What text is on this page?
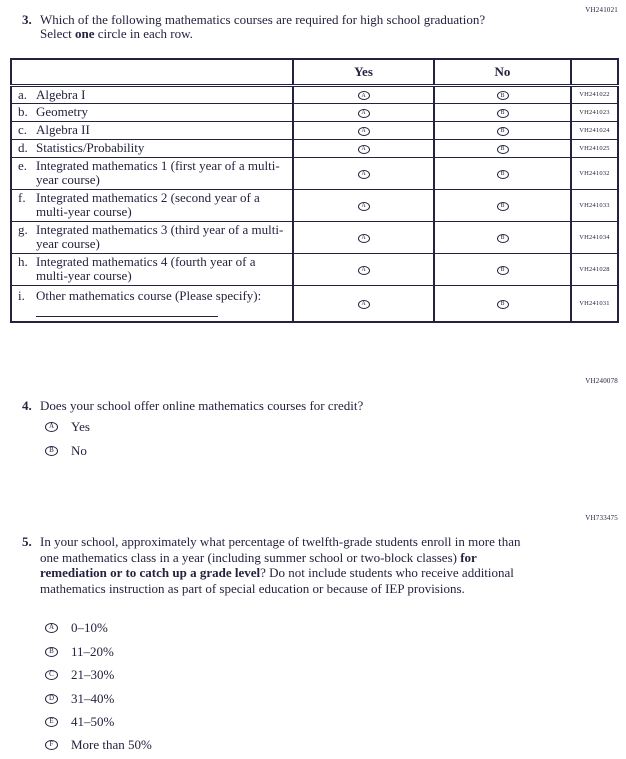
VH241021
3. Which of the following mathematics courses are required for high school graduation? Select one circle in each row.
	Yes	No	

a. Algebra I	A	B	VH241022

b. Geometry	A	B	VH241023

c. Algebra II	A	B	VH241024

d. Statistics/Probability	A	B	VH241025

e. Integrated mathematics 1 (first year of a multi-year course)	A	B	VH241032

f. Integrated mathematics 2 (second year of a multi-year course)	A	B	VH241033

g. Integrated mathematics 3 (third year of a multi-year course)	A	B	VH241034

h. Integrated mathematics 4 (fourth year of a multi-year course)	A	B	VH241028

i. Other mathematics course (Please specify):	A	B	VH241031
VH240078
4. Does your school offer online mathematics courses for credit?
A	Yes
B	No
VH733475
5. In your school, approximately what percentage of twelfth-grade students enroll in more than one mathematics class in a year (including summer school or two-block classes) for remediation or to catch up a grade level? Do not include students who receive additional mathematics instruction as part of special education or because of IEP provisions.
A	0–10%
B	11–20%
C	21–30%
D	31–40%
E	41–50%
F	More than 50%
